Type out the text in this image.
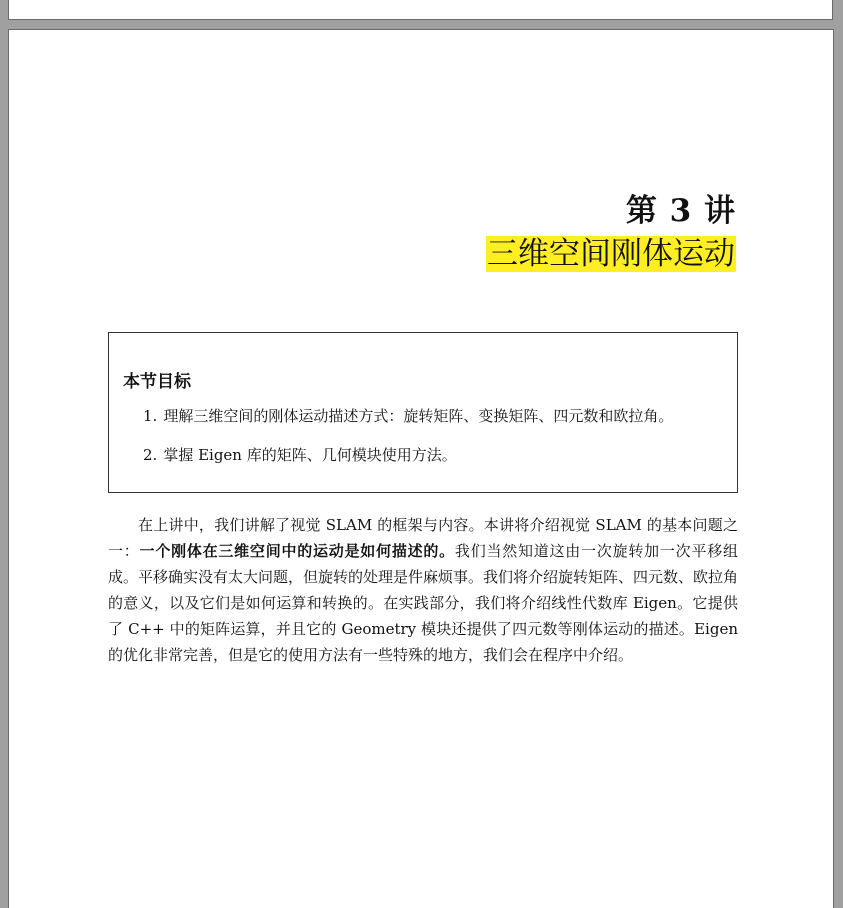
第 3 讲
三维空间刚体运动
本节目标
1. 理解三维空间的刚体运动描述方式：旋转矩阵、变换矩阵、四元数和欧拉角。
2. 掌握 Eigen 库的矩阵、几何模块使用方法。

在上讲中，我们讲解了视觉 SLAM 的框架与内容。本讲将介绍视觉 SLAM 的基本问题之一：一个刚体在三维空间中的运动是如何描述的。我们当然知道这由一次旋转加一次平移组成。平移确实没有太大问题，但旋转的处理是件麻烦事。我们将介绍旋转矩阵、四元数、欧拉角的意义，以及它们是如何运算和转换的。在实践部分，我们将介绍线性代数库 Eigen。它提供了 C++ 中的矩阵运算，并且它的 Geometry 模块还提供了四元数等刚体运动的描述。Eigen 的优化非常完善，但是它的使用方法有一些特殊的地方，我们会在程序中介绍。
